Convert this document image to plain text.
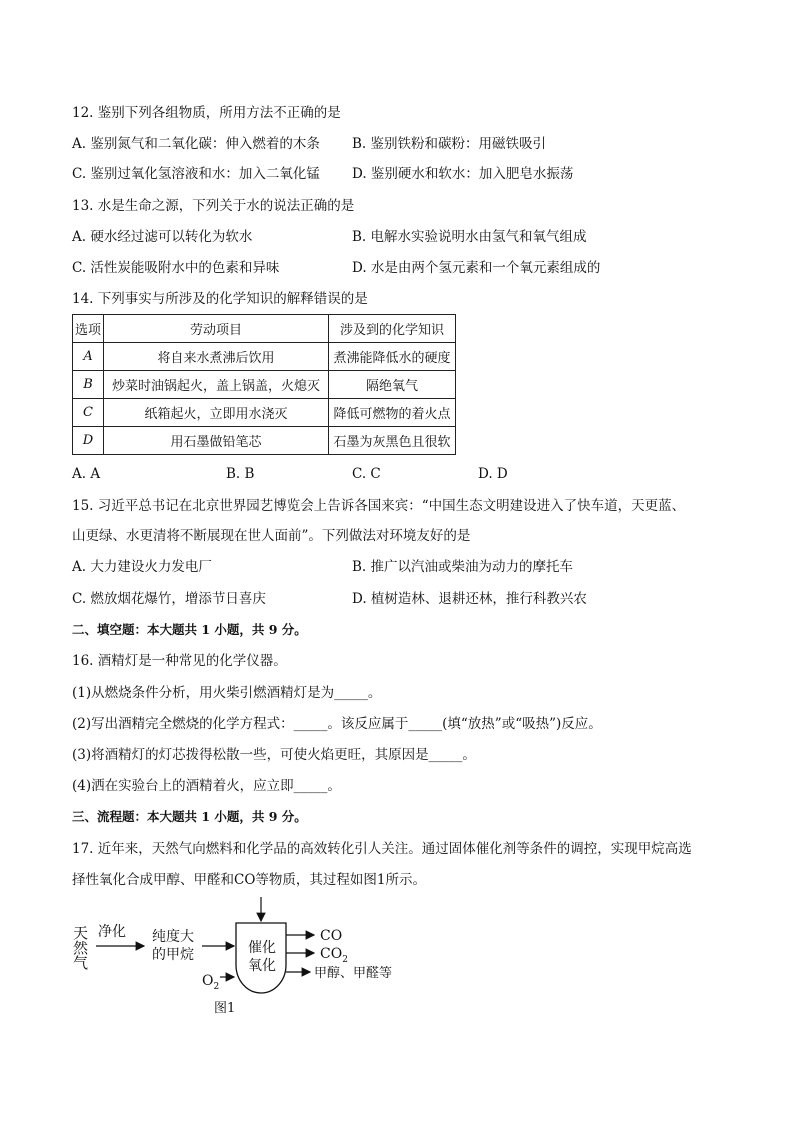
12. 鉴别下列各组物质，所用方法不正确的是
A. 鉴别氮气和二氧化碳：伸入燃着的木条 B. 鉴别铁粉和碳粉：用磁铁吸引
C. 鉴别过氧化氢溶液和水：加入二氧化锰 D. 鉴别硬水和软水：加入肥皂水振荡
13. 水是生命之源，下列关于水的说法正确的是
A. 硬水经过滤可以转化为软水	B. 电解水实验说明水由氢气和氧气组成
C. 活性炭能吸附水中的色素和异味	D. 水是由两个氢元素和一个氧元素组成的
14. 下列事实与所涉及的化学知识的解释错误的是
选项	劳动项目	涉及到的化学知识
A	将自来水煮沸后饮用	煮沸能降低水的硬度
B	炒菜时油锅起火，盖上锅盖，火熄灭	隔绝氧气
C	纸箱起火，立即用水浇灭	降低可燃物的着火点
D	用石墨做铅笔芯	石墨为灰黑色且很软
A. A	B. B	C. C	D. D
15. 习近平总书记在北京世界园艺博览会上告诉各国来宾：“中国生态文明建设进入了快车道，天更蓝、
山更绿、水更清将不断展现在世人面前”。下列做法对环境友好的是
A. 大力建设火力发电厂	B. 推广以汽油或柴油为动力的摩托车
C. 燃放烟花爆竹，增添节日喜庆	D. 植树造林、退耕还林，推行科教兴农
二、填空题：本大题共 1 小题，共 9 分。
16. 酒精灯是一种常见的化学仪器。
(1)从燃烧条件分析，用火柴引燃酒精灯是为_____。
(2)写出酒精完全燃烧的化学方程式：_____。该反应属于_____(填“放热”或“吸热”)反应。
(3)将酒精灯的灯芯拨得松散一些，可使火焰更旺，其原因是_____。
(4)洒在实验台上的酒精着火，应立即_____。
三、流程题：本大题共 1 小题，共 9 分。
17. 近年来，天然气向燃料和化学品的高效转化引人关注。通过固体催化剂等条件的调控，实现甲烷高选
择性氧化合成甲醇、甲醛和CO等物质，其过程如图1所示。
天
然
气
净化 纯度大
的甲烷
$O_2$
催化
氧化
CO
$CO_2$
甲醇、甲醛等
图1
